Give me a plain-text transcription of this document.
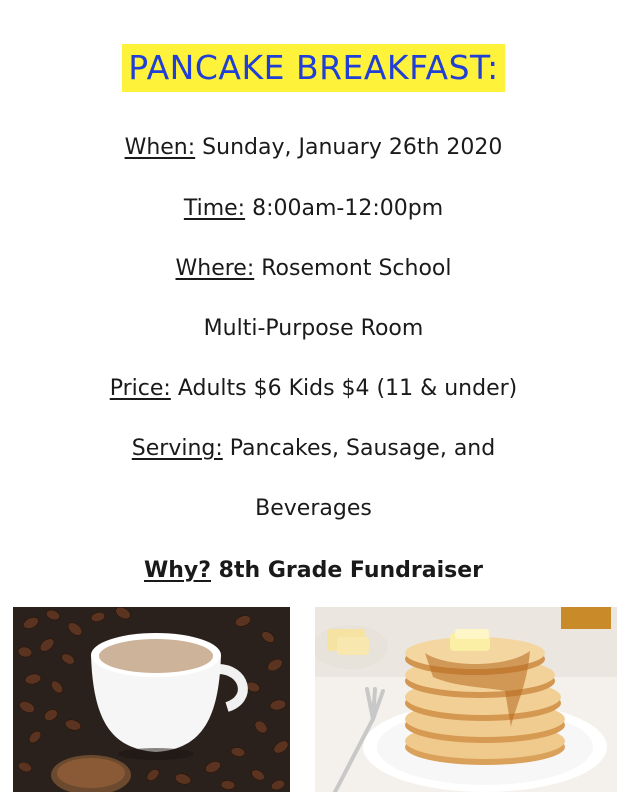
PANCAKE BREAKFAST:
When: Sunday, January 26th 2020
Time: 8:00am-12:00pm
Where: Rosemont School
Multi-Purpose Room
Price: Adults $6 Kids $4 (11 & under)
Serving: Pancakes, Sausage, and
Beverages
Why? 8th Grade Fundraiser
